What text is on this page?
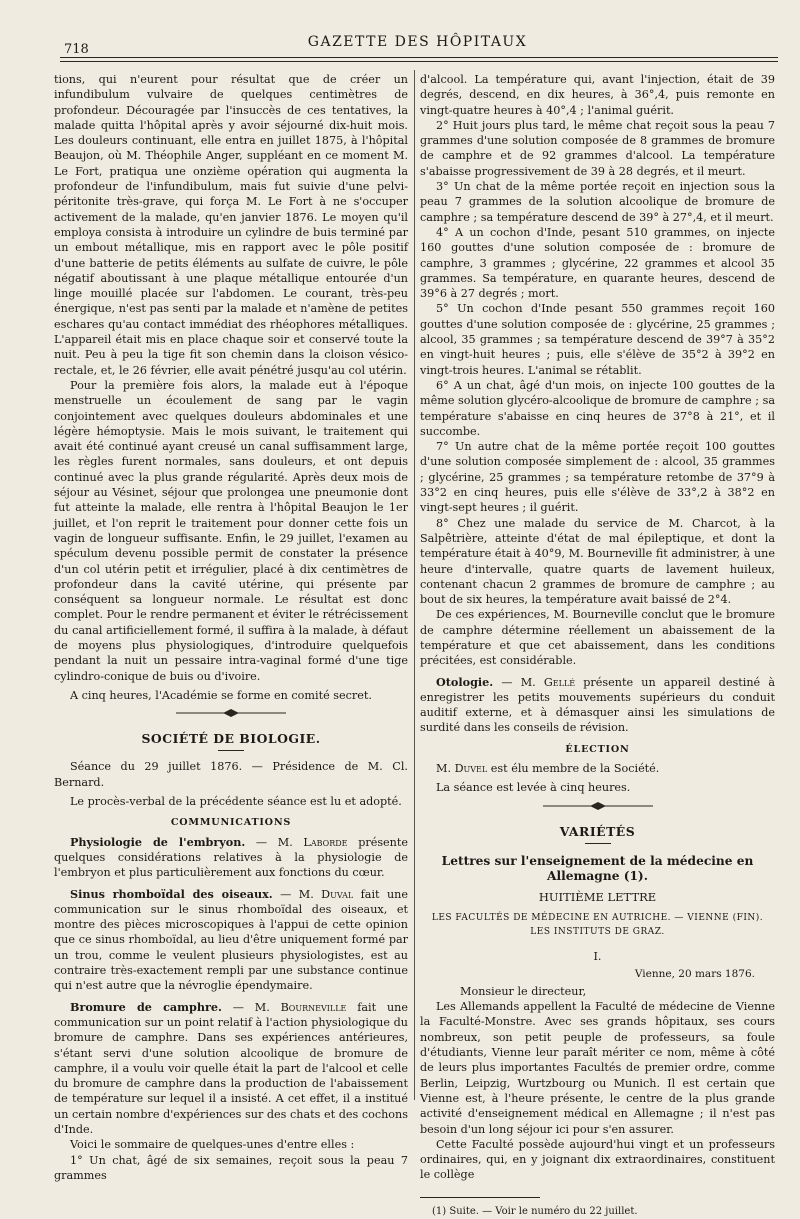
718	GAZETTE DES HÔPITAUX

tions, qui n'eurent pour résultat que de créer un infundibulum vulvaire de quelques centimètres de profondeur. Découragée par l'insuccès de ces tentatives, la malade quitta l'hôpital après y avoir séjourné dix-huit mois. Les douleurs continuant, elle entra en juillet 1875, à l'hôpital Beaujon, où M. Théophile Anger, suppléant en ce moment M. Le Fort, pratiqua une onzième opération qui augmenta la profondeur de l'infundibulum, mais fut suivie d'une pelvi-péritonite très-grave, qui força M. Le Fort à ne s'occuper activement de la malade, qu'en janvier 1876. Le moyen qu'il employa consista à introduire un cylindre de buis terminé par un embout métallique, mis en rapport avec le pôle positif d'une batterie de petits éléments au sulfate de cuivre, le pôle négatif aboutissant à une plaque métallique entourée d'un linge mouillé placée sur l'abdomen. Le courant, très-peu énergique, n'est pas senti par la malade et n'amène de petites eschares qu'au contact immédiat des rhéophores métalliques. L'appareil était mis en place chaque soir et conservé toute la nuit. Peu à peu la tige fit son chemin dans la cloison vésico-rectale, et, le 26 février, elle avait pénétré jusqu'au col utérin.

Pour la première fois alors, la malade eut à l'époque menstruelle un écoulement de sang par le vagin conjointement avec quelques douleurs abdominales et une légère hémoptysie. Mais le mois suivant, le traitement qui avait été continué ayant creusé un canal suffisamment large, les règles furent normales, sans douleurs, et ont depuis continué avec la plus grande régularité. Après deux mois de séjour au Vésinet, séjour que prolongea une pneumonie dont fut atteinte la malade, elle rentra à l'hôpital Beaujon le 1er juillet, et l'on reprit le traitement pour donner cette fois un vagin de longueur suffisante. Enfin, le 29 juillet, l'examen au spéculum devenu possible permit de constater la présence d'un col utérin petit et irrégulier, placé à dix centimètres de profondeur dans la cavité utérine, qui présente par conséquent sa longueur normale. Le résultat est donc complet. Pour le rendre permanent et éviter le rétrécissement du canal artificiellement formé, il suffira à la malade, à défaut de moyens plus physiologiques, d'introduire quelquefois pendant la nuit un pessaire intra-vaginal formé d'une tige cylindro-conique de buis ou d'ivoire.

A cinq heures, l'Académie se forme en comité secret.

SOCIÉTÉ DE BIOLOGIE.

Séance du 29 juillet 1876. — Présidence de M. Cl. Bernard.

Le procès-verbal de la précédente séance est lu et adopté.

COMMUNICATIONS

Physiologie de l'embryon. — M. Laborde présente quelques considérations relatives à la physiologie de l'embryon et plus particulièrement aux fonctions du cœur.

Sinus rhomboïdal des oiseaux. — M. Duval fait une communication sur le sinus rhomboïdal des oiseaux, et montre des pièces microscopiques à l'appui de cette opinion que ce sinus rhomboïdal, au lieu d'être uniquement formé par un trou, comme le veulent plusieurs physiologistes, est au contraire très-exactement rempli par une substance continue qui n'est autre que la névroglie épendymaire.

Bromure de camphre. — M. Bourneville fait une communication sur un point relatif à l'action physiologique du bromure de camphre. Dans ses expériences antérieures, s'étant servi d'une solution alcoolique de bromure de camphre, il a voulu voir quelle était la part de l'alcool et celle du bromure de camphre dans la production de l'abaissement de température sur lequel il a insisté. A cet effet, il a institué un certain nombre d'expériences sur des chats et des cochons d'Inde.

Voici le sommaire de quelques-unes d'entre elles :

1° Un chat, âgé de six semaines, reçoit sous la peau 7 grammes

d'alcool. La température qui, avant l'injection, était de 39 degrés, descend, en dix heures, à 36°,4, puis remonte en vingt-quatre heures à 40°,4 ; l'animal guérit.

2° Huit jours plus tard, le même chat reçoit sous la peau 7 grammes d'une solution composée de 8 grammes de bromure de camphre et de 92 grammes d'alcool. La température s'abaisse progressivement de 39 à 28 degrés, et il meurt.

3° Un chat de la même portée reçoit en injection sous la peau 7 grammes de la solution alcoolique de bromure de camphre ; sa température descend de 39° à 27°,4, et il meurt.

4° A un cochon d'Inde, pesant 510 grammes, on injecte 160 gouttes d'une solution composée de : bromure de camphre, 3 grammes ; glycérine, 22 grammes et alcool 35 grammes. Sa température, en quarante heures, descend de 39°6 à 27 degrés ; mort.

5° Un cochon d'Inde pesant 550 grammes reçoit 160 gouttes d'une solution composée de : glycérine, 25 grammes ; alcool, 35 grammes ; sa température descend de 39°7 à 35°2 en vingt-huit heures ; puis, elle s'élève de 35°2 à 39°2 en vingt-trois heures. L'animal se rétablit.

6° A un chat, âgé d'un mois, on injecte 100 gouttes de la même solution glycéro-alcoolique de bromure de camphre ; sa température s'abaisse en cinq heures de 37°8 à 21°, et il succombe.

7° Un autre chat de la même portée reçoit 100 gouttes d'une solution composée simplement de : alcool, 35 grammes ; glycérine, 25 grammes ; sa température retombe de 37°9 à 33°2 en cinq heures, puis elle s'élève de 33°,2 à 38°2 en vingt-sept heures ; il guérit.

8° Chez une malade du service de M. Charcot, à la Salpêtrière, atteinte d'état de mal épileptique, et dont la température était à 40°9, M. Bourneville fit administrer, à une heure d'intervalle, quatre quarts de lavement huileux, contenant chacun 2 grammes de bromure de camphre ; au bout de six heures, la température avait baissé de 2°4.

De ces expériences, M. Bourneville conclut que le bromure de camphre détermine réellement un abaissement de la température et que cet abaissement, dans les conditions précitées, est considérable.

Otologie. — M. Gellé présente un appareil destiné à enregistrer les petits mouvements supérieurs du conduit auditif externe, et à démasquer ainsi les simulations de surdité dans les conseils de révision.

ÉLECTION

M. Duvel est élu membre de la Société.

La séance est levée à cinq heures.

VARIÉTÉS
Lettres sur l'enseignement de la médecine en Allemagne (1).
HUITIÈME LETTRE
LES FACULTÉS DE MÉDECINE EN AUTRICHE. — VIENNE (FIN).
LES INSTITUTS DE GRAZ.
I.
Vienne, 20 mars 1876.

Monsieur le directeur,

Les Allemands appellent la Faculté de médecine de Vienne la Faculté-Monstre. Avec ses grands hôpitaux, ses cours nombreux, son petit peuple de professeurs, sa foule d'étudiants, Vienne leur paraît mériter ce nom, même à côté de leurs plus importantes Facultés de premier ordre, comme Berlin, Leipzig, Wurtzbourg ou Munich. Il est certain que Vienne est, à l'heure présente, le centre de la plus grande activité d'enseignement médical en Allemagne ; il n'est pas besoin d'un long séjour ici pour s'en assurer.

Cette Faculté possède aujourd'hui vingt et un professeurs ordinaires, qui, en y joignant dix extraordinaires, constituent le collège

(1) Suite. — Voir le numéro du 22 juillet.
